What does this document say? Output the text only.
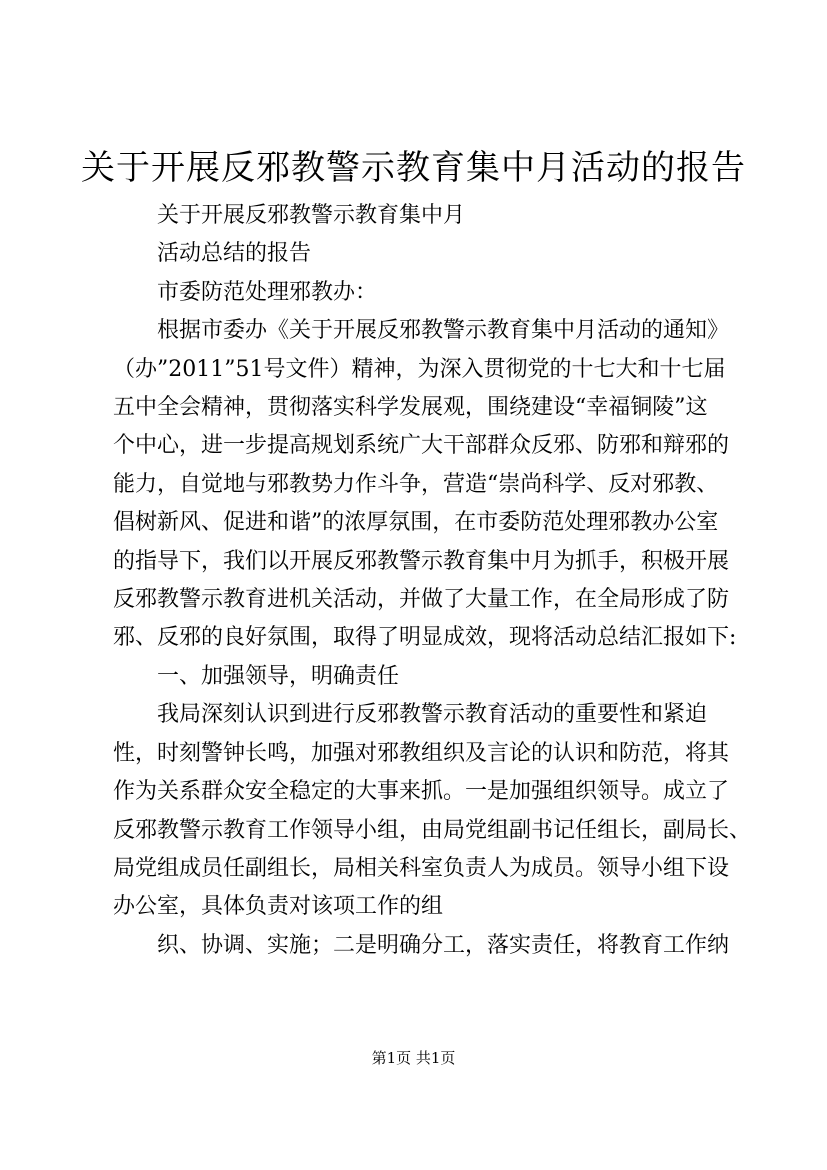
关于开展反邪教警示教育集中月活动的报告

关于开展反邪教警示教育集中月

活动总结的报告

市委防范处理邪教办：

根据市委办《关于开展反邪教警示教育集中月活动的通知》

（办”2011”51号文件）精神，为深入贯彻党的十七大和十七届

五中全会精神，贯彻落实科学发展观，围绕建设“幸福铜陵”这

个中心，进一步提高规划系统广大干部群众反邪、防邪和辩邪的

能力，自觉地与邪教势力作斗争，营造“崇尚科学、反对邪教、

倡树新风、促进和谐”的浓厚氛围，在市委防范处理邪教办公室

的指导下，我们以开展反邪教警示教育集中月为抓手，积极开展

反邪教警示教育进机关活动，并做了大量工作，在全局形成了防

邪、反邪的良好氛围，取得了明显成效，现将活动总结汇报如下:

一、加强领导，明确责任

我局深刻认识到进行反邪教警示教育活动的重要性和紧迫

性，时刻警钟长鸣，加强对邪教组织及言论的认识和防范，将其

作为关系群众安全稳定的大事来抓。一是加强组织领导。成立了

反邪教警示教育工作领导小组，由局党组副书记任组长，副局长、

局党组成员任副组长，局相关科室负责人为成员。领导小组下设

办公室，具体负责对该项工作的组

织、协调、实施；二是明确分工，落实责任，将教育工作纳

第1页 共1页
